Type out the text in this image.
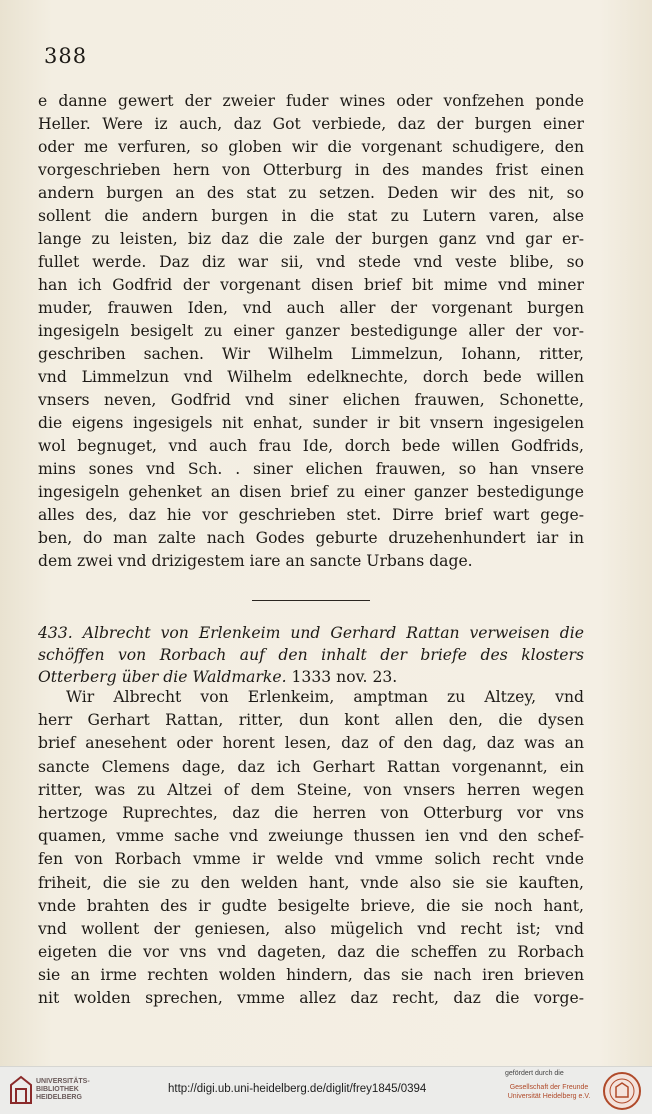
388
e danne gewert der zweier fuder wines oder vonfzehen ponde
Heller. Were iz auch, daz Got verbiede, daz der burgen einer
oder me verfuren, so globen wir die vorgenant schudigere, den
vorgeschrieben hern von Otterburg in des mandes frist einen
andern burgen an des stat zu setzen. Deden wir des nit, so
sollent die andern burgen in die stat zu Lutern varen, alse
lange zu leisten, biz daz die zale der burgen ganz vnd gar er-
fullet werde. Daz diz war sii, vnd stede vnd veste blibe, so
han ich Godfrid der vorgenant disen brief bit mime vnd miner
muder, frauwen Iden, vnd auch aller der vorgenant burgen
ingesigeln besigelt zu einer ganzer bestedigunge aller der vor-
geschriben sachen. Wir Wilhelm Limmelzun, Iohann, ritter,
vnd Limmelzun vnd Wilhelm edelknechte, dorch bede willen
vnsers neven, Godfrid vnd siner elichen frauwen, Schonette,
die eigens ingesigels nit enhat, sunder ir bit vnsern ingesigelen
wol begnuget, vnd auch frau Ide, dorch bede willen Godfrids,
mins sones vnd Sch. . siner elichen frauwen, so han vnsere
ingesigeln gehenket an disen brief zu einer ganzer bestedigunge
alles des, daz hie vor geschrieben stet. Dirre brief wart gege-
ben, do man zalte nach Godes geburte druzehenhundert iar in
dem zwei vnd drizigestem iare an sancte Urbans dage.
433. Albrecht von Erlenkeim und Gerhard Rattan verweisen die
schöffen von Rorbach auf den inhalt der briefe des klosters
Otterberg über die Waldmarke. 1333 nov. 23.
Wir Albrecht von Erlenkeim, amptman zu Altzey, vnd
herr Gerhart Rattan, ritter, dun kont allen den, die dysen
brief anesehent oder horent lesen, daz of den dag, daz was an
sancte Clemens dage, daz ich Gerhart Rattan vorgenannt, ein
ritter, was zu Altzei of dem Steine, von vnsers herren wegen
hertzoge Ruprechtes, daz die herren von Otterburg vor vns
quamen, vmme sache vnd zweiunge thussen ien vnd den schef-
fen von Rorbach vmme ir welde vnd vmme solich recht vnde
friheit, die sie zu den welden hant, vnde also sie sie kauften,
vnde brahten des ir gudte besigelte brieve, die sie noch hant,
vnd wollent der geniesen, also mügelich vnd recht ist; vnd
eigeten die vor vns vnd dageten, daz die scheffen zu Rorbach
sie an irme rechten wolden hindern, das sie nach iren brieven
nit wolden sprechen, vmme allez daz recht, daz die vorge-
UNIVERSITÄTS-
BIBLIOTHEK
HEIDELBERG
http://digi.ub.uni-heidelberg.de/diglit/frey1845/0394
gefördert durch die
Gesellschaft der Freunde
Universität Heidelberg e.V.
